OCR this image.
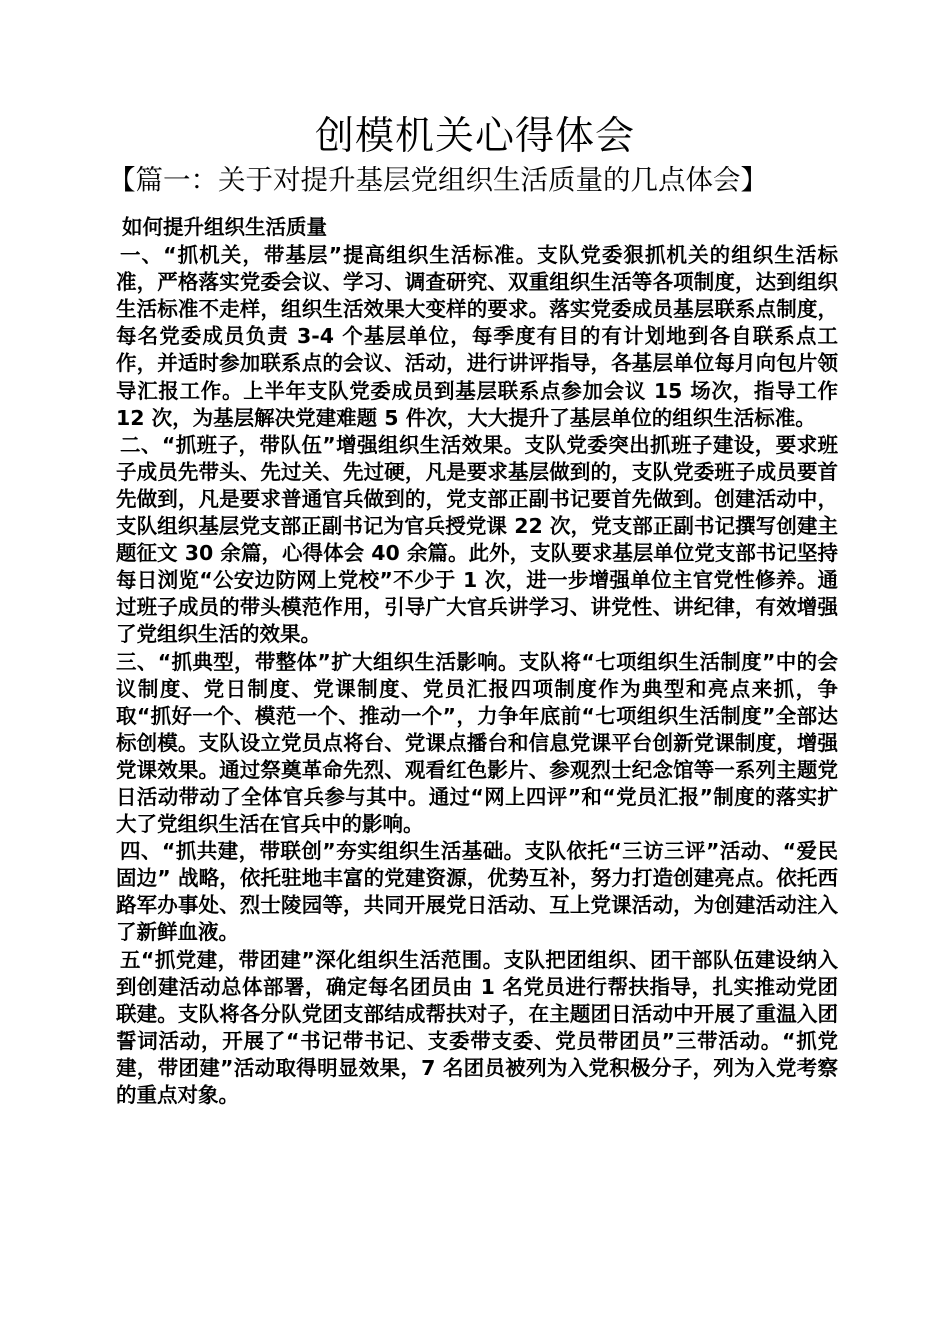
创模机关心得体会
【篇一：关于对提升基层党组织生活质量的几点体会】

如何提升组织生活质量

一、“抓机关，带基层”提高组织生活标准。支队党委狠抓机关的组织生活标准，严格落实党委会议、学习、调查研究、双重组织生活等各项制度，达到组织生活标准不走样，组织生活效果大变样的要求。落实党委成员基层联系点制度，每名党委成员负责 3-4 个基层单位，每季度有目的有计划地到各自联系点工作，并适时参加联系点的会议、活动，进行讲评指导，各基层单位每月向包片领导汇报工作。上半年支队党委成员到基层联系点参加会议 15 场次，指导工作 12 次，为基层解决党建难题 5 件次，大大提升了基层单位的组织生活标准。

二、“抓班子，带队伍”增强组织生活效果。支队党委突出抓班子建设，要求班子成员先带头、先过关、先过硬，凡是要求基层做到的，支队党委班子成员要首先做到，凡是要求普通官兵做到的，党支部正副书记要首先做到。创建活动中，支队组织基层党支部正副书记为官兵授党课 22 次，党支部正副书记撰写创建主题征文 30 余篇，心得体会 40 余篇。此外，支队要求基层单位党支部书记坚持每日浏览“公安边防网上党校”不少于 1 次，进一步增强单位主官党性修养。通过班子成员的带头模范作用，引导广大官兵讲学习、讲党性、讲纪律，有效增强了党组织生活的效果。

三、“抓典型，带整体”扩大组织生活影响。支队将“七项组织生活制度”中的会议制度、党日制度、党课制度、党员汇报四项制度作为典型和亮点来抓，争取“抓好一个、模范一个、推动一个”，力争年底前“七项组织生活制度”全部达标创模。支队设立党员点将台、党课点播台和信息党课平台创新党课制度，增强党课效果。通过祭奠革命先烈、观看红色影片、参观烈士纪念馆等一系列主题党日活动带动了全体官兵参与其中。通过“网上四评”和“党员汇报”制度的落实扩大了党组织生活在官兵中的影响。

四、“抓共建，带联创”夯实组织生活基础。支队依托“三访三评”活动、“爱民固边” 战略，依托驻地丰富的党建资源，优势互补，努力打造创建亮点。依托西路军办事处、烈士陵园等，共同开展党日活动、互上党课活动，为创建活动注入了新鲜血液。

五“抓党建，带团建”深化组织生活范围。支队把团组织、团干部队伍建设纳入到创建活动总体部署，确定每名团员由 1 名党员进行帮扶指导，扎实推动党团联建。支队将各分队党团支部结成帮扶对子，在主题团日活动中开展了重温入团誓词活动，开展了“书记带书记、支委带支委、党员带团员”三带活动。“抓党建，带团建”活动取得明显效果，7 名团员被列为入党积极分子，列为入党考察的重点对象。
